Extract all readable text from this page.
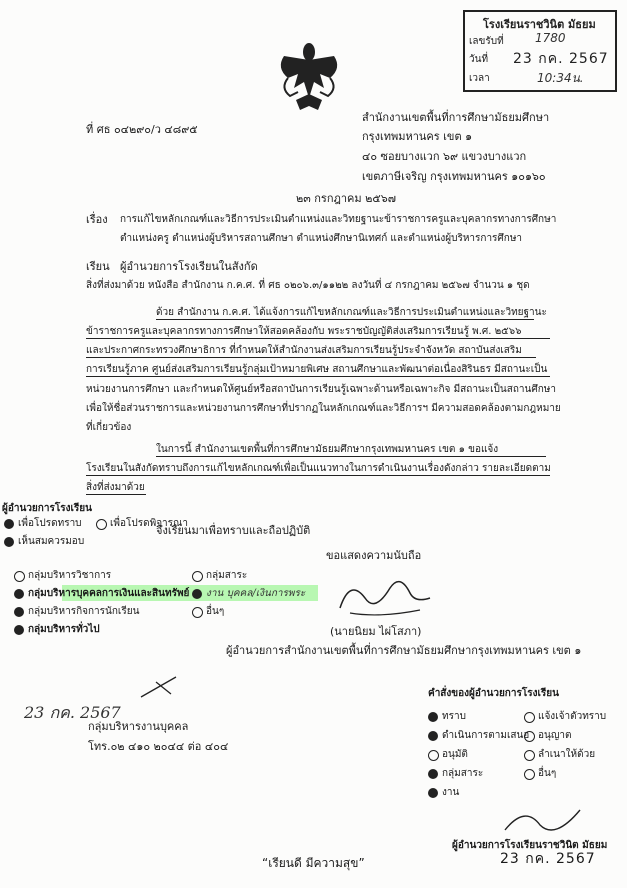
โรงเรียนราชวินิต มัธยม
เลขรับที่	1780
วันที่ 23 กค. 2567
เวลา	10:34น.
ที่ ศธ ๐๔๒๙๐/ว ๔๘๙๕
สำนักงานเขตพื้นที่การศึกษามัธยมศึกษา
กรุงเทพมหานคร เขต ๑
๔๐ ซอยบางแวก ๖๙ แขวงบางแวก
เขตภาษีเจริญ กรุงเทพมหานคร ๑๐๑๖๐
๒๓ กรกฎาคม ๒๕๖๗
เรื่อง การแก้ไขหลักเกณฑ์และวิธีการประเมินตำแหน่งและวิทยฐานะข้าราชการครูและบุคลากรทางการศึกษา
ตำแหน่งครู ตำแหน่งผู้บริหารสถานศึกษา ตำแหน่งศึกษานิเทศก์ และตำแหน่งผู้บริหารการศึกษา
เรียน ผู้อำนวยการโรงเรียนในสังกัด
สิ่งที่ส่งมาด้วย หนังสือ สำนักงาน ก.ค.ศ. ที่ ศธ ๐๒๐๖.๓/๑๑๒๒ ลงวันที่ ๔ กรกฎาคม ๒๕๖๗ จำนวน ๑ ชุด
ด้วย สำนักงาน ก.ค.ศ. ได้แจ้งการแก้ไขหลักเกณฑ์และวิธีการประเมินตำแหน่งและวิทยฐานะ
ข้าราชการครูและบุคลากรทางการศึกษาให้สอดคล้องกับ พระราชบัญญัติส่งเสริมการเรียนรู้ พ.ศ. ๒๕๖๖
และประกาศกระทรวงศึกษาธิการ ที่กำหนดให้สำนักงานส่งเสริมการเรียนรู้ประจำจังหวัด สถาบันส่งเสริม
การเรียนรู้ภาค ศูนย์ส่งเสริมการเรียนรู้กลุ่มเป้าหมายพิเศษ สถานศึกษาและพัฒนาต่อเนื่องสิรินธร มีสถานะเป็น
หน่วยงานการศึกษา และกำหนดให้ศูนย์หรือสถาบันการเรียนรู้เฉพาะด้านหรือเฉพาะกิจ มีสถานะเป็นสถานศึกษา
เพื่อให้ชื่อส่วนราชการและหน่วยงานการศึกษาที่ปรากฏในหลักเกณฑ์และวิธีการฯ มีความสอดคล้องตามกฎหมาย
ที่เกี่ยวข้อง
ในการนี้ สำนักงานเขตพื้นที่การศึกษามัธยมศึกษากรุงเทพมหานคร เขต ๑ ขอแจ้ง
โรงเรียนในสังกัดทราบถึงการแก้ไขหลักเกณฑ์เพื่อเป็นแนวทางในการดำเนินงานเรื่องดังกล่าว รายละเอียดตาม
สิ่งที่ส่งมาด้วย
ผู้อำนวยการโรงเรียน
เพื่อโปรดทราบ	เพื่อโปรดพิจารณา
เห็นสมควรมอบ
กลุ่มบริหารวิชาการ
กลุ่มบริหารบุคคลการเงินและสินทรัพย์
กลุ่มบริหารกิจการนักเรียน
กลุ่มบริหารทั่วไป
กลุ่มสาระ
งาน บุคคล/เงินการพระ
อื่นๆ
จึงเรียนมาเพื่อทราบและถือปฏิบัติ
ขอแสดงความนับถือ
(นายนิยม ไผ่โสภา)
ผู้อำนวยการสำนักงานเขตพื้นที่การศึกษามัธยมศึกษากรุงเทพมหานคร เขต ๑
23 กค. 2567
กลุ่มบริหารงานบุคคล
โทร.๐๒ ๔๑๐ ๒๐๔๔ ต่อ ๔๐๔
คำสั่งของผู้อำนวยการโรงเรียน
ทราบ
ดำเนินการตามเสนอ
อนุมัติ
กลุ่มสาระ
งาน
แจ้งเจ้าตัวทราบ
อนุญาต
ลำเนาให้ด้วย
อื่นๆ
ผู้อำนวยการโรงเรียนราชวินิต มัธยม
23 กค. 2567
“เรียนดี มีความสุข”
